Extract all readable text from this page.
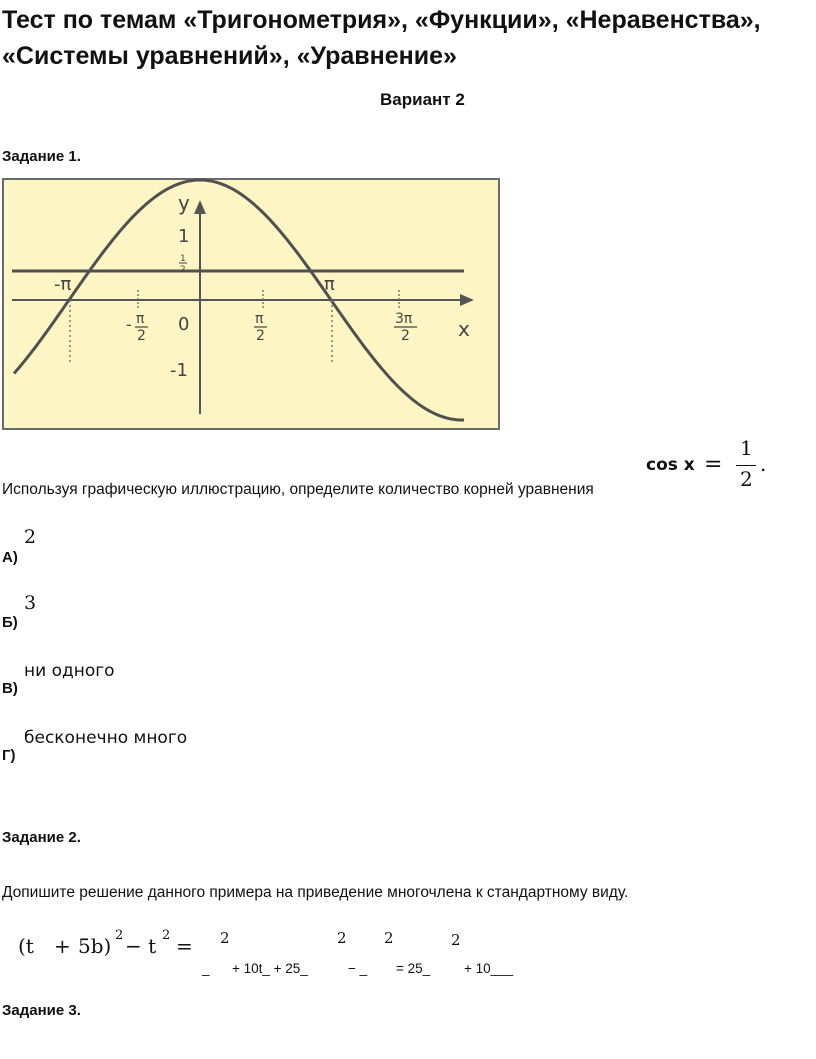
Тест по темам «Тригонометрия», «Функции», «Неравенства», «Системы уравнений», «Уравнение»
Вариант 2
Задание 1.
y
x
1
1
2
-1
0
-π	π
- π
2
π
2
3π
2
cos x =
1
2
.
Используя графическую иллюстрацию, определите количество корней уравнения
А)
2
Б)
3
В)
ни одного
Г)
бесконечно много
Задание 2.
Допишите решение данного примера на приведение многочлена к стандартному виду.
(t + 5b) 2 − t 2 = 2	2 2	2
_ + 10t_ + 25_	− _ = 25_	+ 10___
Задание 3.
